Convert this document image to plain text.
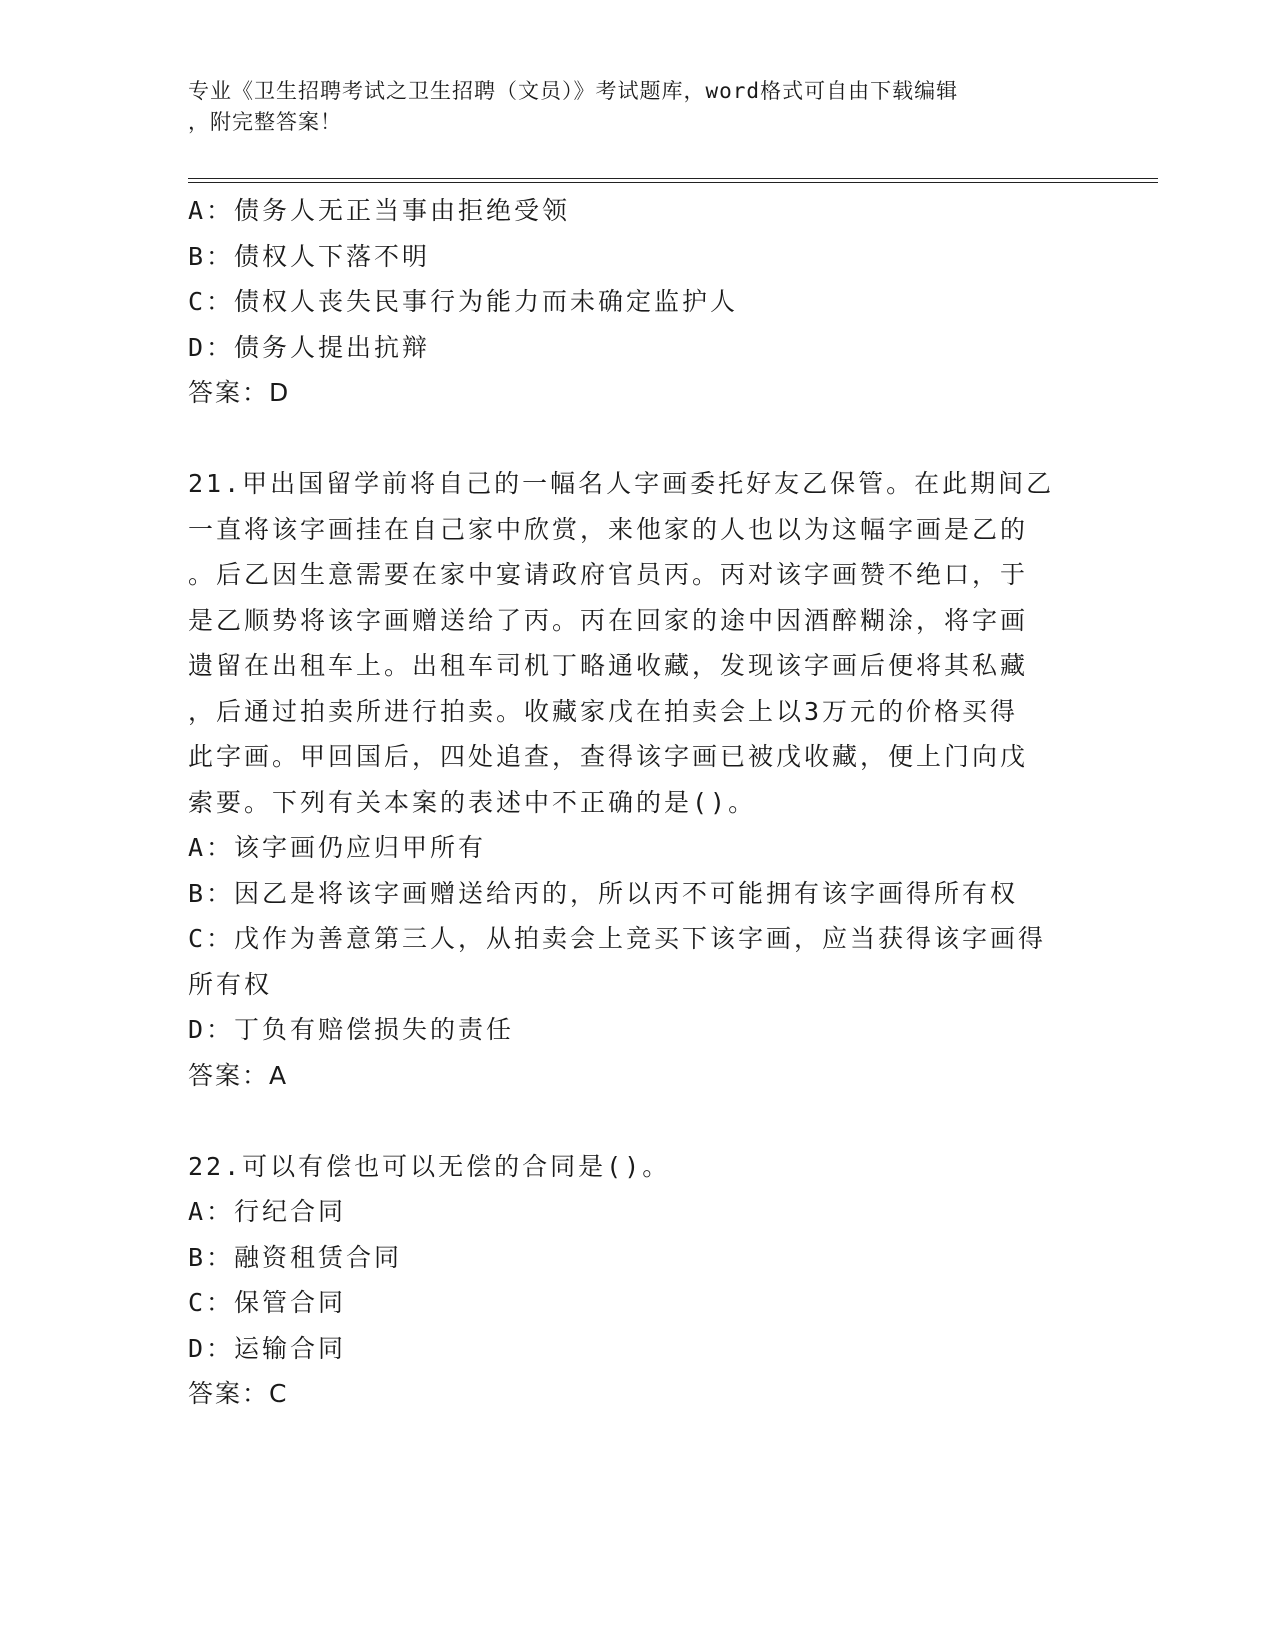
专业《卫生招聘考试之卫生招聘（文员）》考试题库，word格式可自由下载编辑
，附完整答案！
A：债务人无正当事由拒绝受领
B：债权人下落不明
C：债权人丧失民事行为能力而未确定监护人
D：债务人提出抗辩
答案：D
21.甲出国留学前将自己的一幅名人字画委托好友乙保管。在此期间乙
一直将该字画挂在自己家中欣赏，来他家的人也以为这幅字画是乙的
。后乙因生意需要在家中宴请政府官员丙。丙对该字画赞不绝口，于
是乙顺势将该字画赠送给了丙。丙在回家的途中因酒醉糊涂，将字画
遗留在出租车上。出租车司机丁略通收藏，发现该字画后便将其私藏
，后通过拍卖所进行拍卖。收藏家戊在拍卖会上以3万元的价格买得
此字画。甲回国后，四处追查，查得该字画已被戊收藏，便上门向戊
索要。下列有关本案的表述中不正确的是()。
A：该字画仍应归甲所有
B：因乙是将该字画赠送给丙的，所以丙不可能拥有该字画得所有权
C：戊作为善意第三人，从拍卖会上竞买下该字画，应当获得该字画得
所有权
D：丁负有赔偿损失的责任
答案：A
22.可以有偿也可以无偿的合同是()。
A：行纪合同
B：融资租赁合同
C：保管合同
D：运输合同
答案：C
